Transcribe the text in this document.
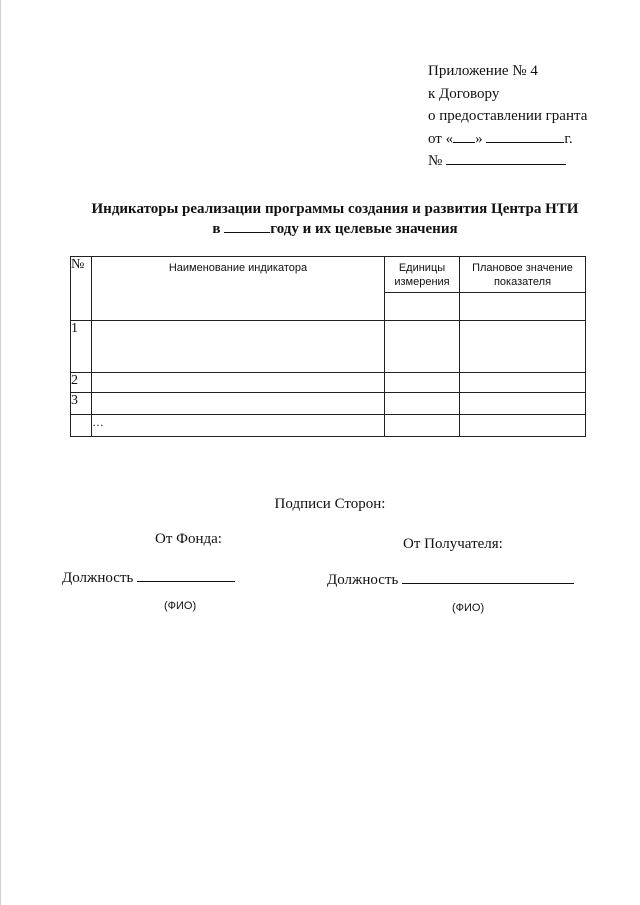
Приложение № 4
к Договору
о предоставлении гранта
от « »	г.
№
Индикаторы реализации программы создания и развития Центра НТИ
в	году и их целевые значения
№	Наименование индикатора	Единицы измерения	Плановое значение показателя

1			
2			
3			
	…		
Подписи Сторон:
От Фонда:	От Получателя:
Должность	Должность
(ФИО)	(ФИО)
